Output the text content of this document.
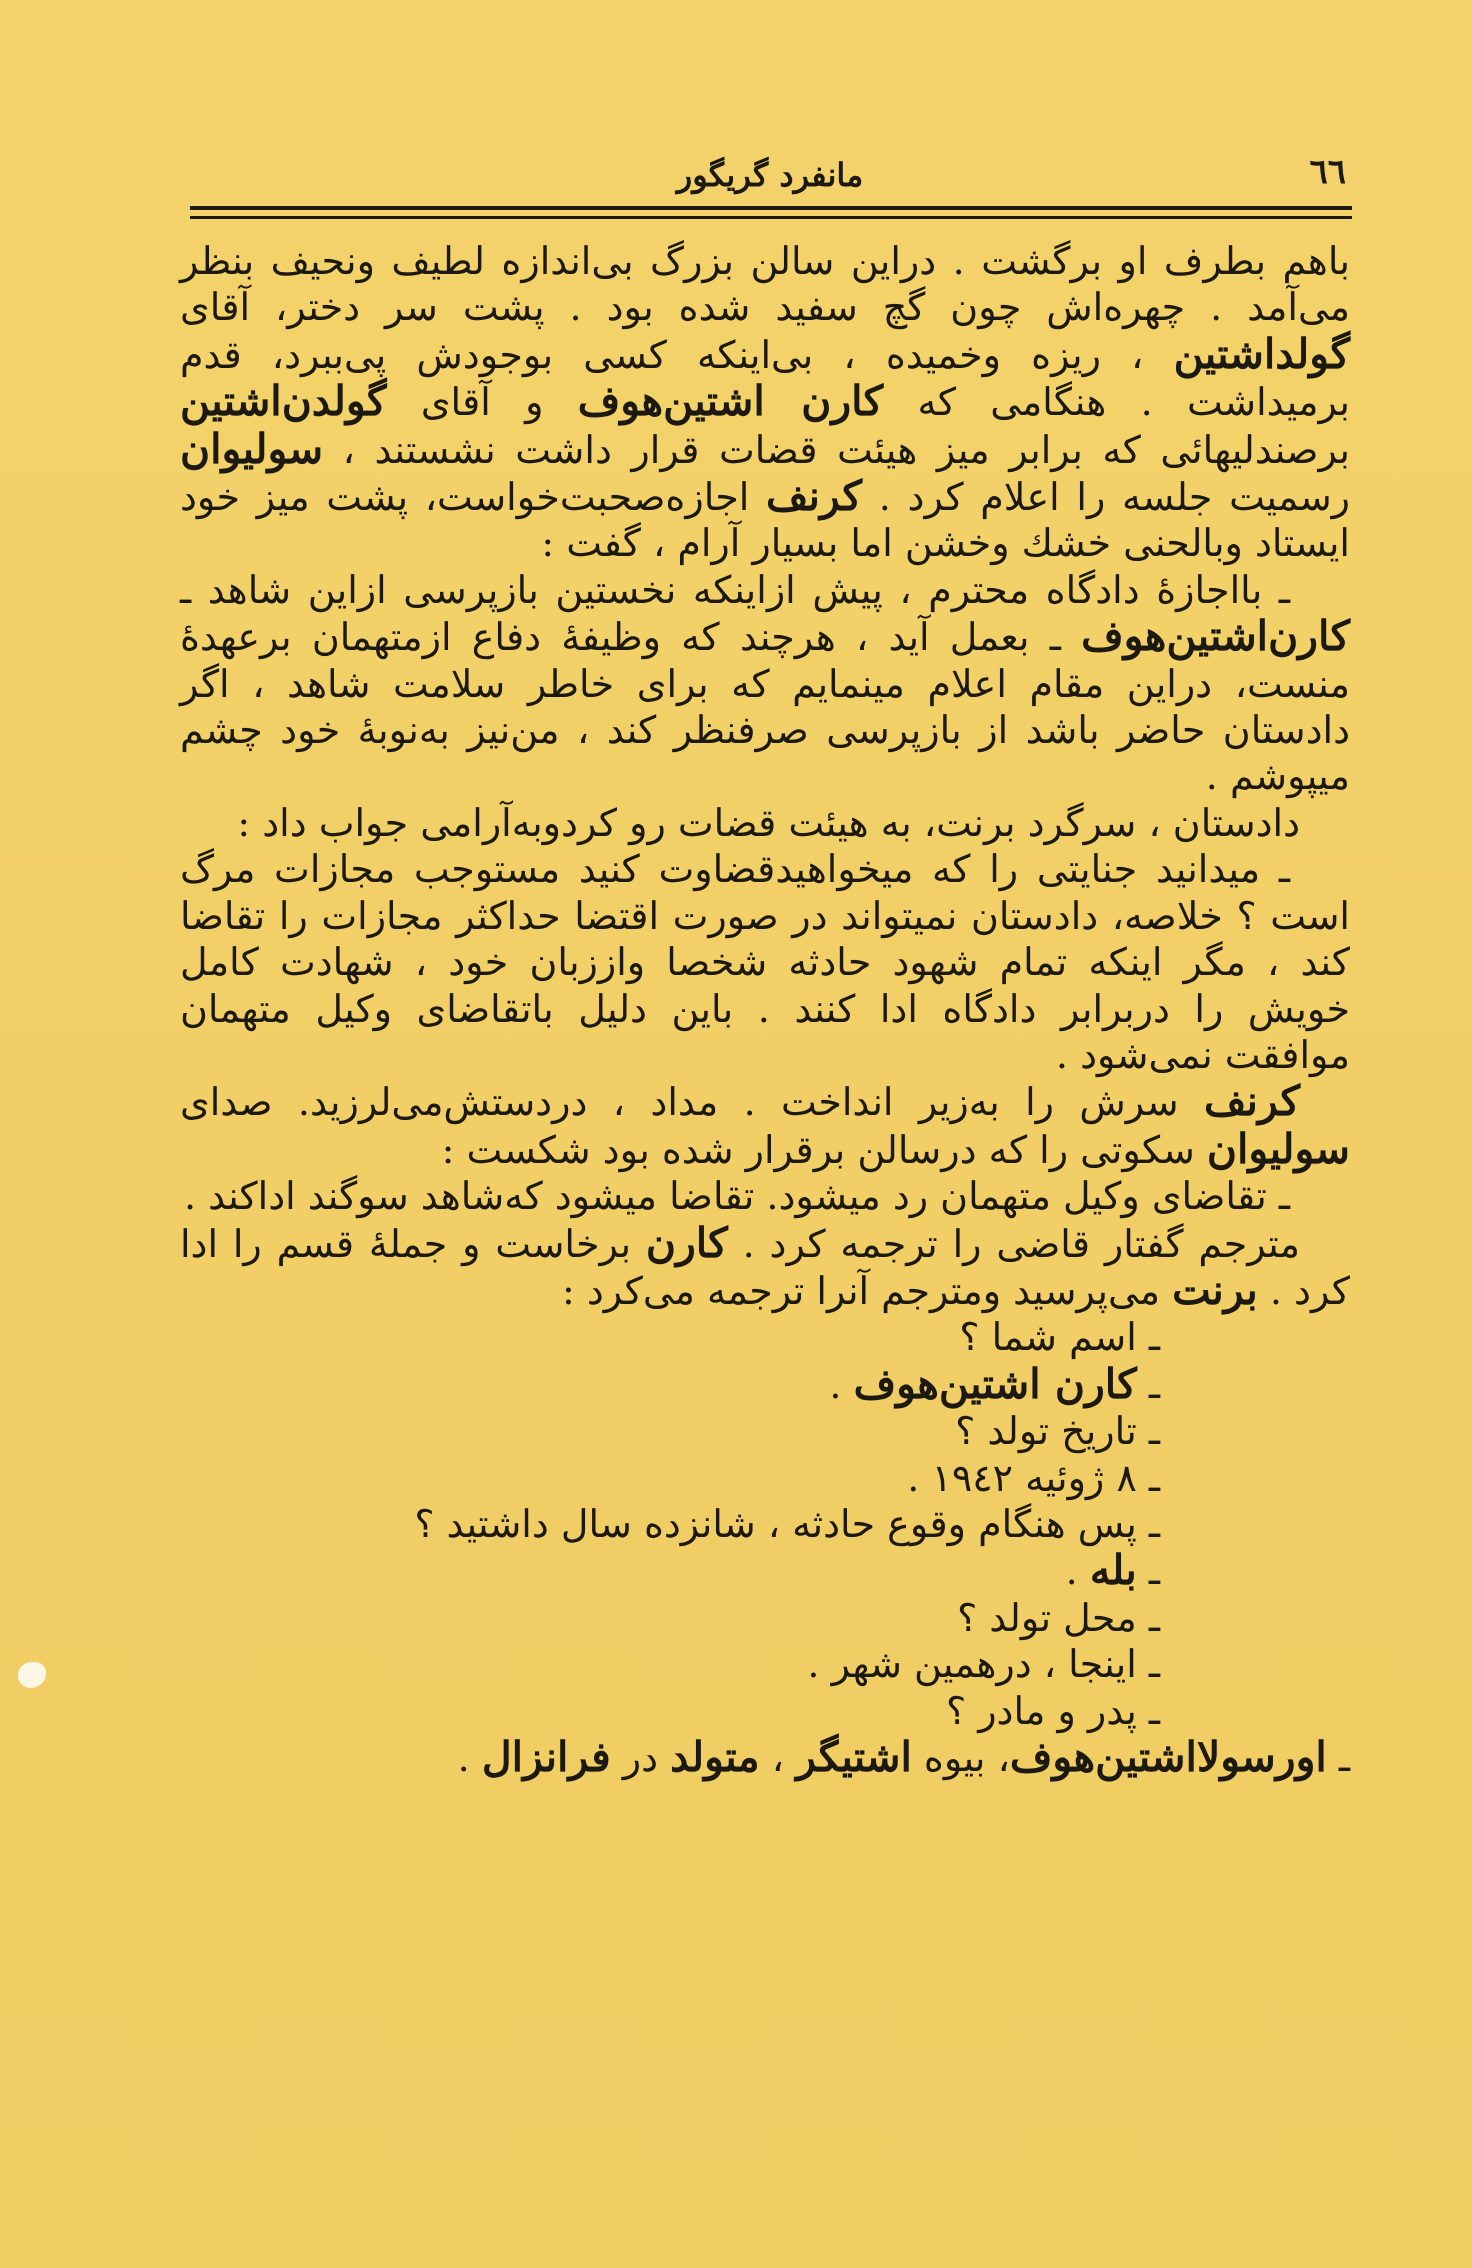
٦٦
مانفرد گریگور

باهم بطرف او برگشت . دراین سالن بزرگ بی‌اندازه لطیف ونحیف بنظر می‌آمد . چهره‌اش چون گچ سفید شده بود . پشت سر دختر، آقای گولداشتین ، ریزه وخمیده ، بی‌اینکه کسی بوجودش پی‌ببرد، قدم برمیداشت . هنگامی که کارن اشتین‌هوف و آقای گولدن‌اشتین برصندلیهائی که برابر میز هیئت قضات قرار داشت نشستند ، سولیوان رسمیت جلسه را اعلام کرد . کرنف اجازه‌صحبت‌خواست، پشت میز خود ایستاد وبالحنی خشك وخشن اما بسیار آرام ، گفت :

ـ بااجازهٔ دادگاه محترم ، پیش ازاینکه نخستین بازپرسی ازاین شاهد ـ کارن‌اشتین‌هوف ـ بعمل آید ، هرچند که وظیفهٔ دفاع ازمتهمان برعهدهٔ منست، دراین مقام اعلام مینمایم که برای خاطر سلامت شاهد ، اگر دادستان حاضر باشد از بازپرسی صرفنظر کند ، من‌نیز به‌نوبهٔ خود چشم میپوشم .

دادستان ، سرگرد برنت، به هیئت قضات رو کردوبه‌آرامی جواب داد :

ـ میدانید جنایتی را که میخواهیدقضاوت کنید مستوجب مجازات مرگ است ؟ خلاصه، دادستان نمیتواند در صورت اقتضا حداکثر مجازات را تقاضا کند ، مگر اینکه تمام شهود حادثه شخصا واززبان خود ، شهادت کامل خویش را دربرابر دادگاه ادا کنند . باین دلیل باتقاضای وکیل متهمان موافقت نمی‌شود .

کرنف سرش را به‌زیر انداخت . مداد ، دردستش‌می‌لرزید. صدای سولیوان سکوتی را که درسالن برقرار شده بود شکست :

ـ تقاضای وکیل متهمان رد میشود. تقاضا میشود که‌شاهد سوگند اداکند .

مترجم گفتار قاضی را ترجمه کرد . کارن برخاست و جملهٔ قسم را ادا کرد . برنت می‌پرسید ومترجم آنرا ترجمه می‌کرد :

ـ اسم شما ؟

ـ کارن اشتین‌هوف .

ـ تاریخ تولد ؟

ـ ٨ ژوئیه ١٩٤٢ .

ـ پس هنگام وقوع حادثه ، شانزده سال داشتید ؟

ـ بله .

ـ محل تولد ؟

ـ اینجا ، درهمین شهر .

ـ پدر و مادر ؟

ـ اورسولااشتین‌هوف، بیوه اشتیگر ، متولد در فرانزال .
